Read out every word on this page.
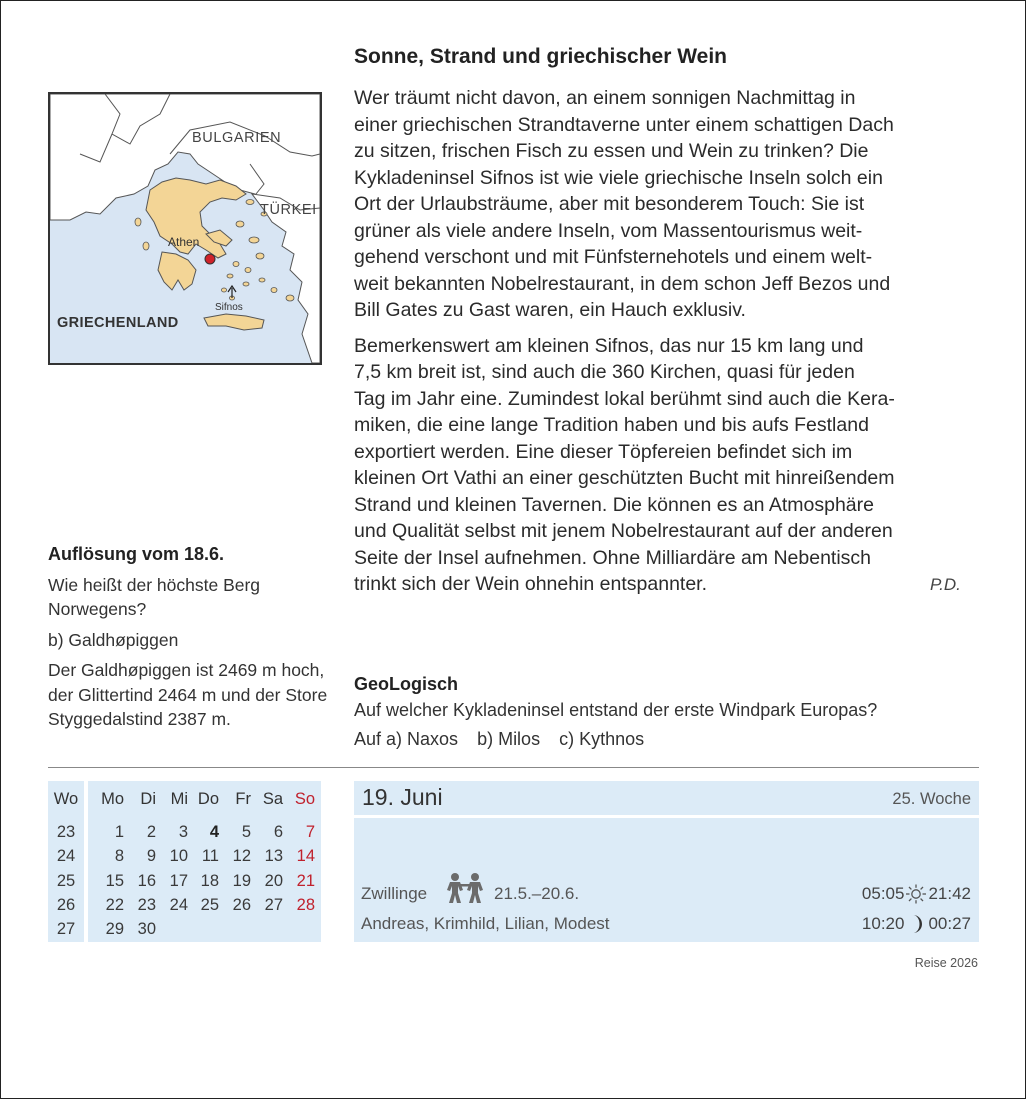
BULGARIEN
TÜRKEI
GRIECHENLAND
Athen
Sifnos
Sonne, Strand und griechischer Wein

Wer träumt nicht davon, an einem sonnigen Nachmittag in
einer griechischen Strandtaverne unter einem schattigen Dach
zu sitzen, frischen Fisch zu essen und Wein zu trinken? Die
Kykladeninsel Sifnos ist wie viele griechische Inseln solch ein
Ort der Urlaubsträume, aber mit besonderem Touch: Sie ist
grüner als viele andere Inseln, vom Massentourismus weit-
gehend verschont und mit Fünfsternehotels und einem welt-
weit bekannten Nobelrestaurant, in dem schon Jeff Bezos und
Bill Gates zu Gast waren, ein Hauch exklusiv.

Bemerkenswert am kleinen Sifnos, das nur 15 km lang und
7,5 km breit ist, sind auch die 360 Kirchen, quasi für jeden
Tag im Jahr eine. Zumindest lokal berühmt sind auch die Kera-
miken, die eine lange Tradition haben und bis aufs Festland
exportiert werden. Eine dieser Töpfereien befindet sich im
kleinen Ort Vathi an einer geschützten Bucht mit hinreißendem
Strand und kleinen Tavernen. Die können es an Atmosphäre
und Qualität selbst mit jenem Nobelrestaurant auf der anderen
Seite der Insel aufnehmen. Ohne Milliardäre am Nebentisch
trinkt sich der Wein ohnehin entspannter.	P.D.
Auflösung vom 18.6.

Wie heißt der höchste Berg Norwegens?

b) Galdhøpiggen

Der Galdhøpiggen ist 2469 m hoch, der Glittertind 2464 m und der Store Styggedalstind 2387 m.

GeoLogisch
Auf welcher Kykladeninsel entstand der erste Windpark Europas?
Auf a) Naxos b) Milos c) Kythnos
Wo	Mo Di Mi Do Fr Sa So
23	1	2	3	4	5	6	7
24	8	9 10 11 12 13 14
25	15 16 17 18 19 20 21
26	22 23 24 25 26 27 28
27	29 30
19. Juni	25. Woche
Zwillinge	21.5.–20.6.
Andreas, Krimhild, Lilian, Modest
05:05 21:42
10:20 00:27
Reise 2026
